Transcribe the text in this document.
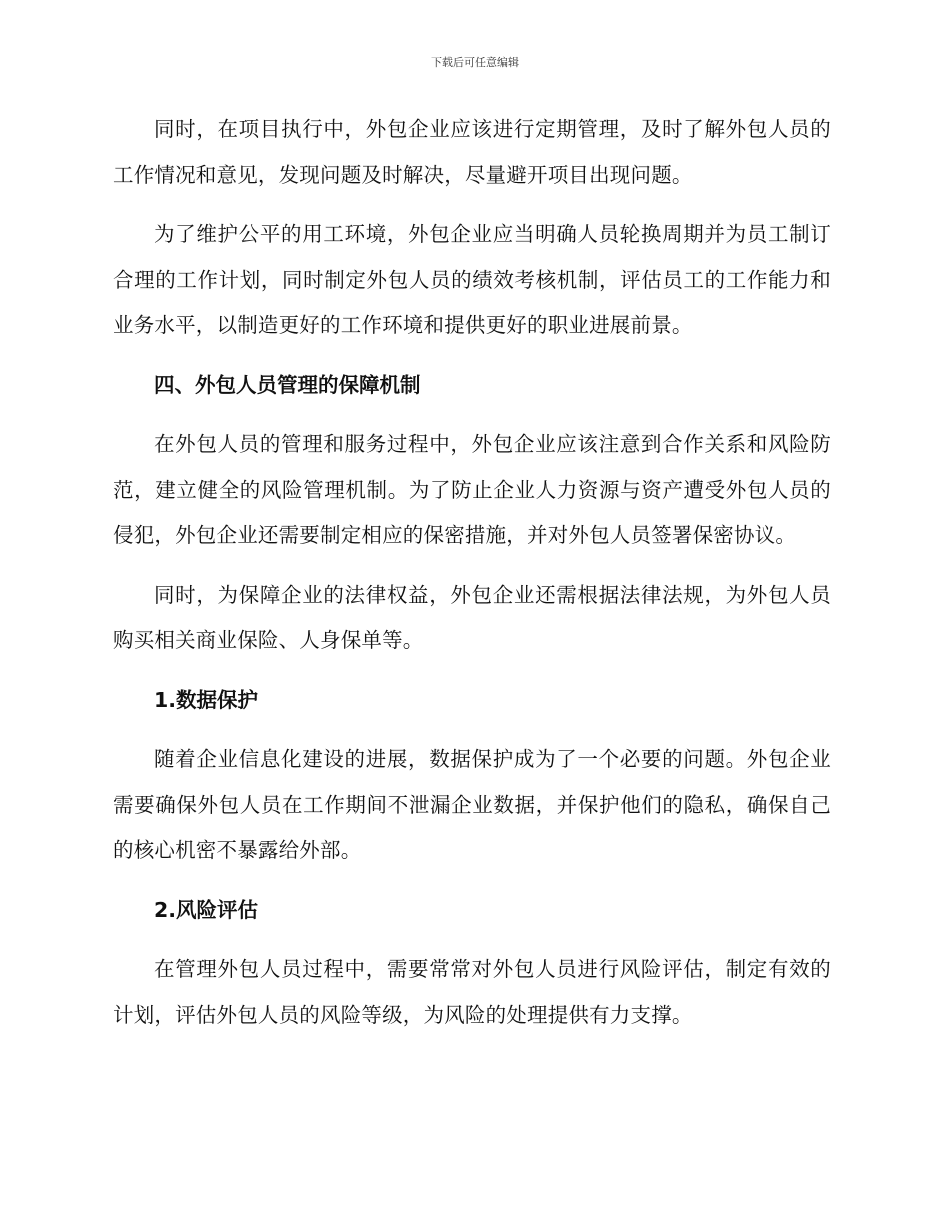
下载后可任意编辑

同时，在项目执行中，外包企业应该进行定期管理，及时了解外包人员的工作情况和意见，发现问题及时解决，尽量避开项目出现问题。

为了维护公平的用工环境，外包企业应当明确人员轮换周期并为员工制订合理的工作计划，同时制定外包人员的绩效考核机制，评估员工的工作能力和业务水平，以制造更好的工作环境和提供更好的职业进展前景。

四、外包人员管理的保障机制

在外包人员的管理和服务过程中，外包企业应该注意到合作关系和风险防范，建立健全的风险管理机制。为了防止企业人力资源与资产遭受外包人员的侵犯，外包企业还需要制定相应的保密措施，并对外包人员签署保密协议。

同时，为保障企业的法律权益，外包企业还需根据法律法规，为外包人员购买相关商业保险、人身保单等。

1.数据保护

随着企业信息化建设的进展，数据保护成为了一个必要的问题。外包企业需要确保外包人员在工作期间不泄漏企业数据，并保护他们的隐私，确保自己的核心机密不暴露给外部。

2.风险评估

在管理外包人员过程中，需要常常对外包人员进行风险评估，制定有效的计划，评估外包人员的风险等级，为风险的处理提供有力支撑。
